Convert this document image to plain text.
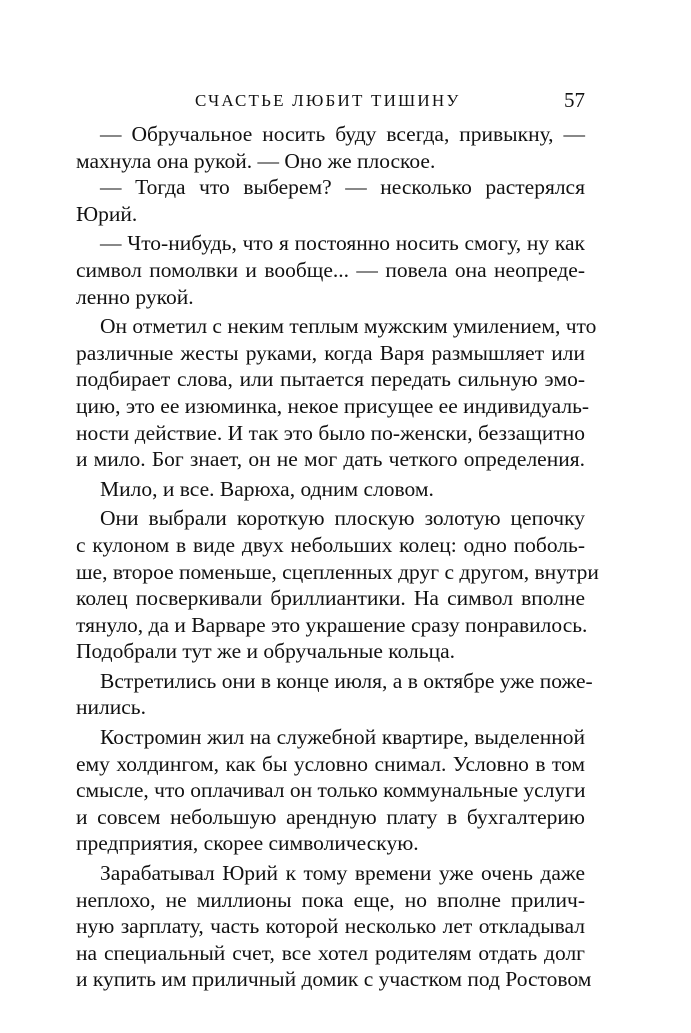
СЧАСТЬЕ ЛЮБИТ ТИШИНУ	57
— Обручальное носить буду всегда, привыкну, —
махнула она рукой. — Оно же плоское.
— Тогда что выберем? — несколько растерялся
Юрий.
— Что-нибудь, что я постоянно носить смогу, ну как
символ помолвки и вообще... — повела она неопреде-
ленно рукой.
Он отметил с неким теплым мужским умилением, что
различные жесты руками, когда Варя размышляет или
подбирает слова, или пытается передать сильную эмо-
цию, это ее изюминка, некое присущее ее индивидуаль-
ности действие. И так это было по-женски, беззащитно
и мило. Бог знает, он не мог дать четкого определения.
Мило, и все. Варюха, одним словом.
Они выбрали короткую плоскую золотую цепочку
с кулоном в виде двух небольших колец: одно поболь-
ше, второе поменьше, сцепленных друг с другом, внутри
колец посверкивали бриллиантики. На символ вполне
тянуло, да и Варваре это украшение сразу понравилось.
Подобрали тут же и обручальные кольца.
Встретились они в конце июля, а в октябре уже поже-
нились.
Костромин жил на служебной квартире, выделенной
ему холдингом, как бы условно снимал. Условно в том
смысле, что оплачивал он только коммунальные услуги
и совсем небольшую арендную плату в бухгалтерию
предприятия, скорее символическую.
Зарабатывал Юрий к тому времени уже очень даже
неплохо, не миллионы пока еще, но вполне прилич-
ную зарплату, часть которой несколько лет откладывал
на специальный счет, все хотел родителям отдать долг
и купить им приличный домик с участком под Ростовом
